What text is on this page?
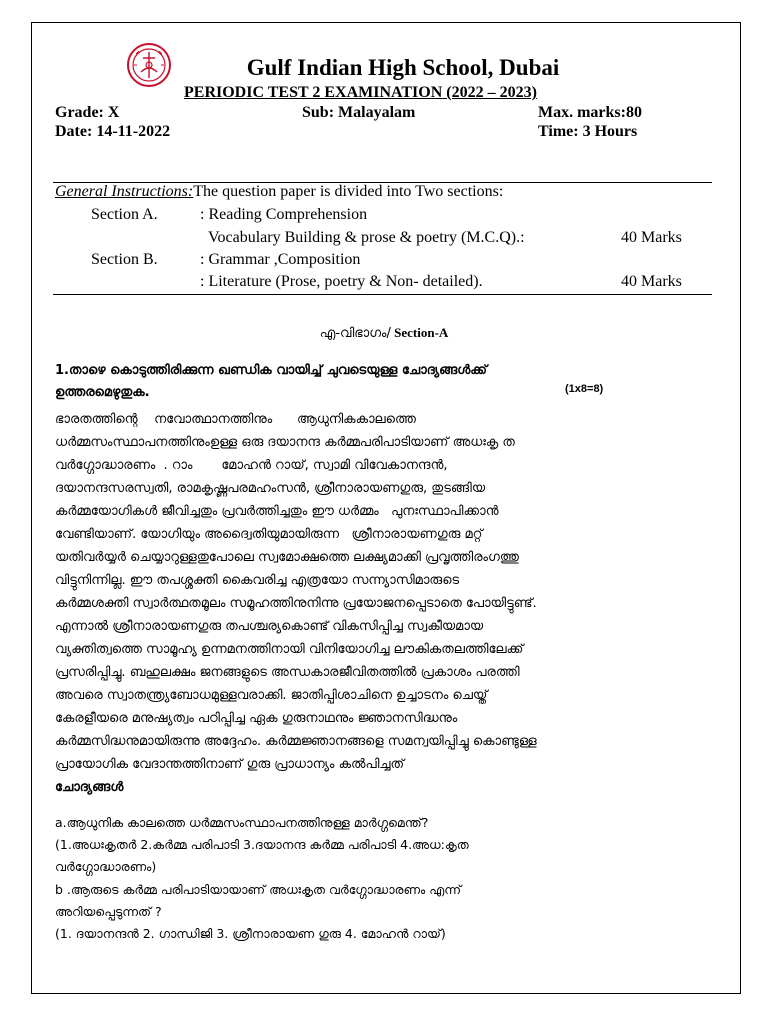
Gulf Indian High School, Dubai
PERIODIC TEST 2 EXAMINATION (2022 – 2023)
Grade: X	Sub: Malayalam	Max. marks:80
Date: 14-11-2022	Time: 3 Hours
General Instructions:The question paper is divided into Two sections:
Section A.	: Reading Comprehension
Vocabulary Building & prose & poetry (M.C.Q).:	40 Marks
Section B.	: Grammar ,Composition
: Literature (Prose, poetry & Non- detailed).	40 Marks
എ-വിഭാഗം/ Section-A
1.താഴെ കൊടുത്തിരിക്കുന്ന ഖണ്ഡിക വായിച്ച് ചുവടെയുള്ള ചോദ്യങ്ങൾക്ക്
ഉത്തരമെഴുതുക.	(1x8=8)
ഭാരതത്തിന്റെ    നവോത്ഥാനത്തിനും      ആധുനികകാലത്തെ
ധർമ്മസംസ്ഥാപനത്തിനുംഉള്ള ഒരു ദയാനന്ദ കർമ്മപരിപാടിയാണ് അധഃകൃ ത
വർഗ്ഗോദ്ധാരണം  . റാം       മോഹൻ റായ്, സ്വാമി വിവേകാനന്ദൻ,
ദയാനന്ദസരസ്വതി, രാമകൃഷ്ണപരമഹംസൻ, ശ്രീനാരായണഗുരു, തുടങ്ങിയ
കർമ്മയോഗികൾ ജീവിച്ചതും പ്രവർത്തിച്ചതും ഈ ധർമ്മം   പുനഃസ്ഥാപിക്കാൻ
വേണ്ടിയാണ്. യോഗിയും അദ്വൈതിയുമായിരുന്ന   ശ്രീനാരായണഗുരു മറ്റ്
യതിവർയ്യർ ചെയ്യാറുള്ളതുപോലെ സ്വമോക്ഷത്തെ ലക്ഷ്യമാക്കി പ്രവൃത്തിരംഗത്തു
വിട്ടുനിന്നില്ല. ഈ തപശ്ശക്തി കൈവരിച്ച എത്രയോ സന്ന്യാസിമാരുടെ
കർമ്മശക്തി സ്വാർത്ഥതമൂലം സമൂഹത്തിനുനിന്നു പ്രയോജനപ്പെടാതെ പോയിട്ടുണ്ട്.
എന്നാൽ ശ്രീനാരായണഗുരു തപശ്ചര്യകൊണ്ട് വികസിപ്പിച്ച സ്വകീയമായ
വ്യക്തിത്വത്തെ സാമൂഹ്യ ഉന്നമനത്തിനായി വിനിയോഗിച്ച ലൗകികതലത്തിലേക്ക്
പ്രസരിപ്പിച്ചു. ബഹുലക്ഷം ജനങ്ങളുടെ അന്ധകാരജീവിതത്തിൽ പ്രകാശം പരത്തി
അവരെ സ്വാതന്ത്ര്യബോധമുള്ളവരാക്കി. ജാതിപ്പിശാചിനെ ഉച്ചാടനം ചെയ്ത്
കേരളീയരെ മനുഷ്യത്വം പഠിപ്പിച്ച ഏക ഗുരുനാഥനും ജ്ഞാനസിദ്ധനും
കർമ്മസിദ്ധനുമായിരുന്നു അദ്ദേഹം. കർമ്മജ്ഞാനങ്ങളെ സമന്വയിപ്പിച്ചു കൊണ്ടുള്ള
പ്രായോഗിക വേദാന്തത്തിനാണ് ഗുരു പ്രാധാന്യം കൽപിച്ചത്
ചോദ്യങ്ങൾ
a.ആധുനിക കാലത്തെ ധർമ്മസംസ്ഥാപനത്തിനുള്ള മാർഗ്ഗമെന്ത്?
(1.അധഃകൃതർ 2.കർമ്മ പരിപാടി 3.ദയാനന്ദ കർമ്മ പരിപാടി 4.അധ:കൃത
വർഗ്ഗോദ്ധാരണം)
b .ആരുടെ കർമ്മ പരിപാടിയായാണ് അധഃകൃത വർഗ്ഗോദ്ധാരണം എന്ന്
അറിയപ്പെടുന്നത് ?
(1. ദയാനന്ദൻ 2. ഗാന്ധിജി 3. ശ്രീനാരായണ ഗുരു 4. മോഹൻ റായ്)
